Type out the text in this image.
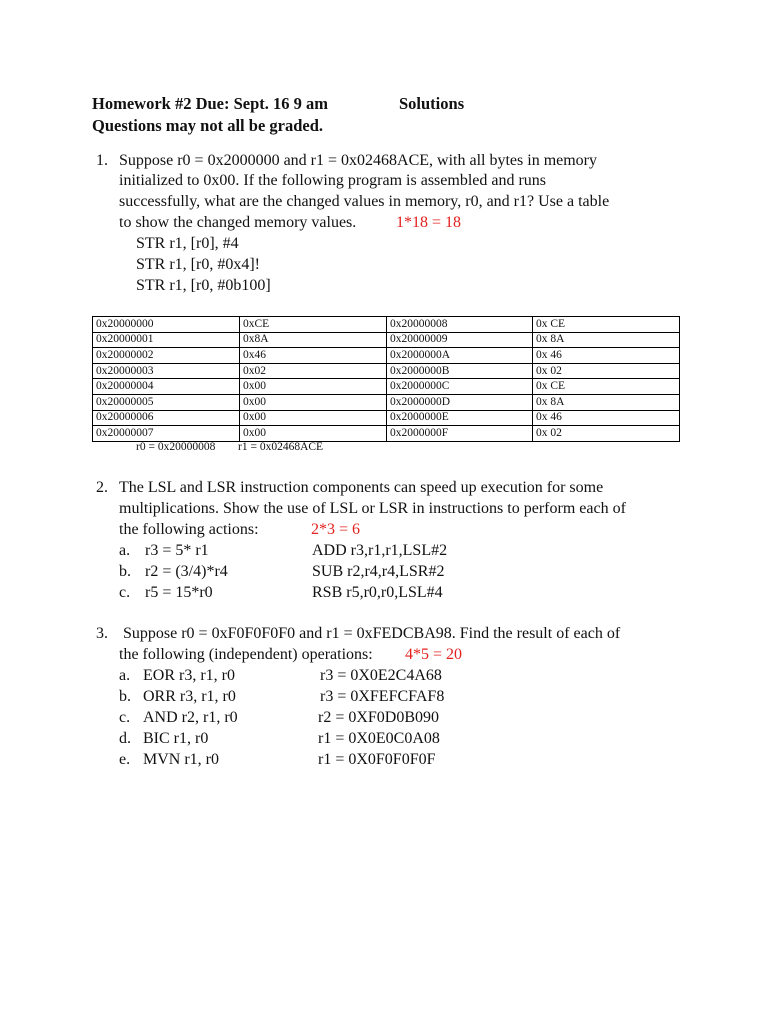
Homework #2 Due: Sept. 16 9 am	Solutions
Questions may not all be graded.
1. Suppose r0 = 0x2000000 and r1 = 0x02468ACE, with all bytes in memory
initialized to 0x00. If the following program is assembled and runs
successfully, what are the changed values in memory, r0, and r1? Use a table
to show the changed memory values. 1*18 = 18
STR r1, [r0], #4
STR r1, [r0, #0x4]!
STR r1, [r0, #0b100]
0x20000000	0xCE	0x20000008	0x CE
0x20000001	0x8A	0x20000009	0x 8A
0x20000002	0x46	0x2000000A	0x 46
0x20000003	0x02	0x2000000B	0x 02
0x20000004	0x00	0x2000000C	0x CE
0x20000005	0x00	0x2000000D	0x 8A
0x20000006	0x00	0x2000000E	0x 46
0x20000007	0x00	0x2000000F	0x 02
r0 = 0x20000008 r1 = 0x02468ACE
2. The LSL and LSR instruction components can speed up execution for some
multiplications. Show the use of LSL or LSR in instructions to perform each of
the following actions:	2*3 = 6
a. r3 = 5* r1	ADD r3,r1,r1,LSL#2
b. r2 = (3/4)*r4	SUB r2,r4,r4,LSR#2
c. r5 = 15*r0	RSB r5,r0,r0,LSL#4
3. Suppose r0 = 0xF0F0F0F0 and r1 = 0xFEDCBA98. Find the result of each of
the following (independent) operations: 4*5 = 20
a. EOR r3, r1, r0	r3 = 0X0E2C4A68
b. ORR r3, r1, r0	r3 = 0XFEFCFAF8
c. AND r2, r1, r0	r2 = 0XF0D0B090
d. BIC r1, r0	r1 = 0X0E0C0A08
e. MVN r1, r0	r1 = 0X0F0F0F0F
